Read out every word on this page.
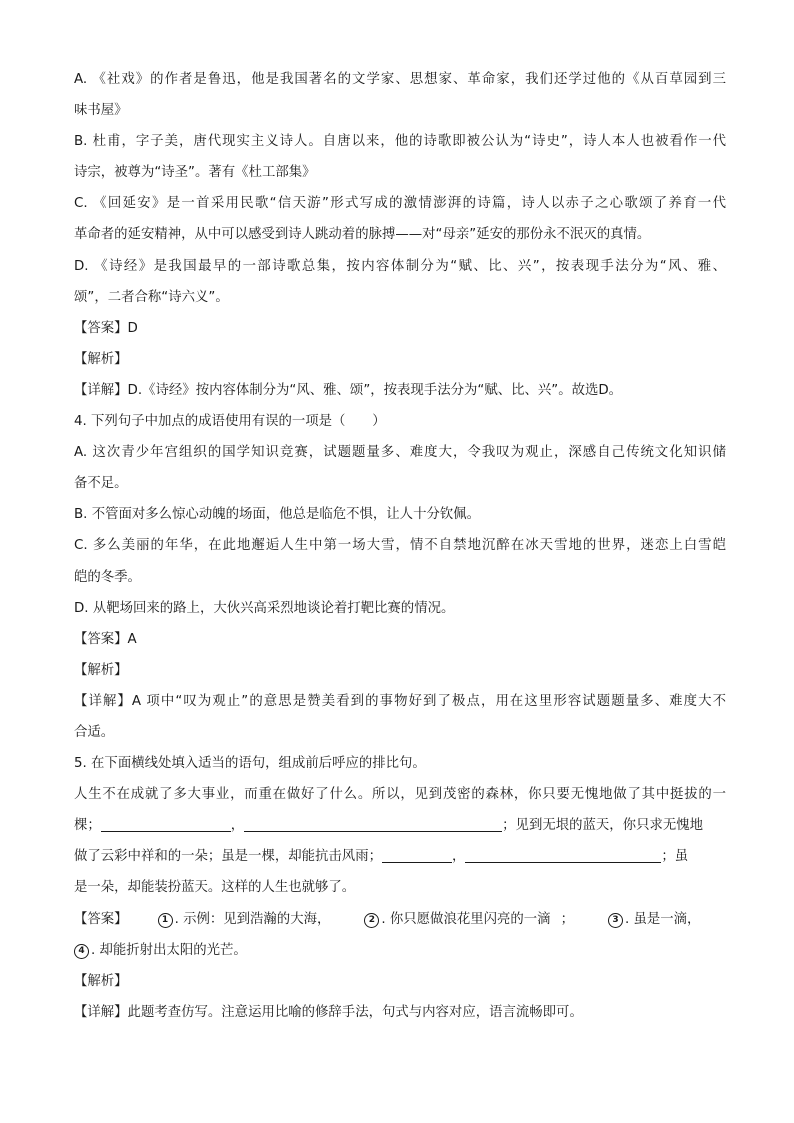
A. 《社戏》的作者是鲁迅，他是我国著名的文学家、思想家、革命家，我们还学过他的《从百草园到三
味书屋》
B. 杜甫，字子美，唐代现实主义诗人。自唐以来，他的诗歌即被公认为“诗史”，诗人本人也被看作一代
诗宗，被尊为“诗圣”。著有《杜工部集》
C. 《回延安》是一首采用民歌“信天游”形式写成的激情澎湃的诗篇，诗人以赤子之心歌颂了养育一代
革命者的延安精神，从中可以感受到诗人跳动着的脉搏——对“母亲”延安的那份永不泯灭的真情。
D. 《诗经》是我国最早的一部诗歌总集，按内容体制分为“赋、比、兴”，按表现手法分为“风、雅、
颂”，二者合称“诗六义”。
【答案】D
【解析】
【详解】D.《诗经》按内容体制分为“风、雅、颂”，按表现手法分为“赋、比、兴”。故选D。
4. 下列句子中加点的成语使用有误的一项是（　　）
A. 这次青少年宫组织的国学知识竞赛，试题题量多、难度大，令我叹为观止，深感自己传统文化知识储
备不足。
B. 不管面对多么惊心动魄的场面，他总是临危不惧，让人十分钦佩。
C. 多么美丽的年华，在此地邂逅人生中第一场大雪，情不自禁地沉醉在冰天雪地的世界，迷恋上白雪皑
皑的冬季。
D. 从靶场回来的路上，大伙兴高采烈地谈论着打靶比赛的情况。
【答案】A
【解析】
【详解】A 项中“叹为观止”的意思是赞美看到的事物好到了极点，用在这里形容试题题量多、难度大不
合适。
5. 在下面横线处填入适当的语句，组成前后呼应的排比句。
人生不在成就了多大事业，而重在做好了什么。所以，见到茂密的森林，你只要无愧地做了其中挺拔的一
棵；	，	；见到无垠的蓝天，你只求无愧地
做了云彩中祥和的一朵；虽是一棵，却能抗击风雨；	，	；虽
是一朵，却能装扮蓝天。这样的人生也就够了。
【答案】	1 . 示例：见到浩瀚的大海，	2 . 你只愿做浪花里闪亮的一滴 ；	3 . 虽是一滴，
4 . 却能折射出太阳的光芒。
【解析】
【详解】此题考查仿写。注意运用比喻的修辞手法，句式与内容对应，语言流畅即可。
